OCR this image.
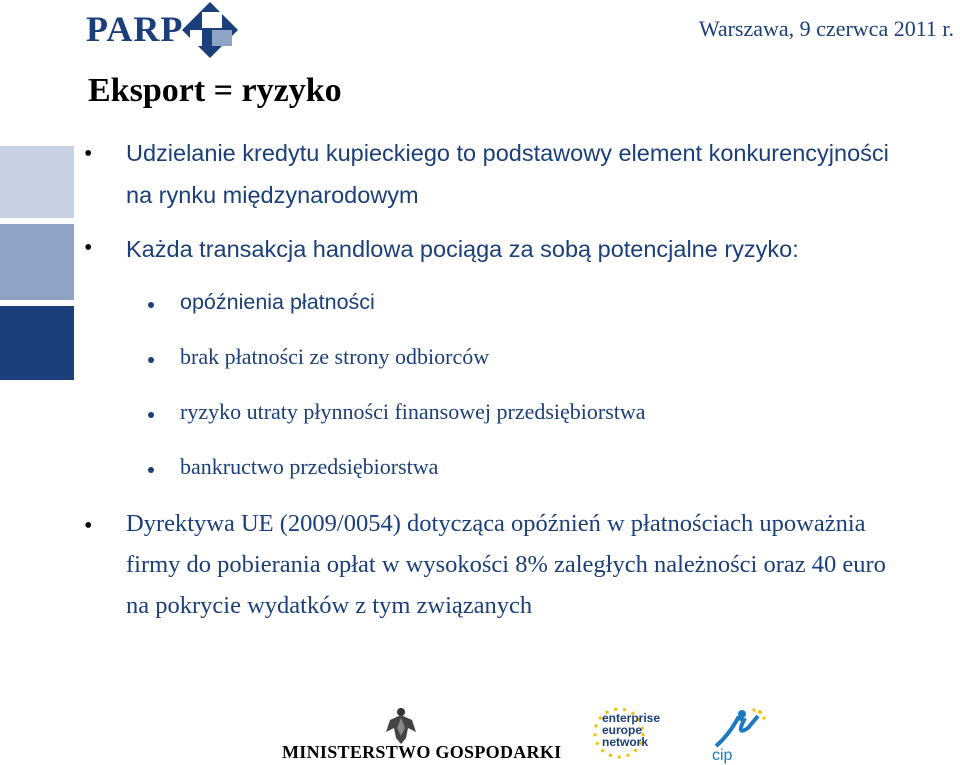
PARP	Warszawa, 9 czerwca 2011 r.
Eksport = ryzyko
• Udzielanie kredytu kupieckiego to podstawowy element konkurencyjności
na rynku międzynarodowym
• Każda transakcja handlowa pociąga za sobą potencjalne ryzyko:
opóźnienia płatności
brak płatności ze strony odbiorców
ryzyko utraty płynności finansowej przedsiębiorstwa
bankructwo przedsiębiorstwa
• Dyrektywa UE (2009/0054) dotycząca opóźnień w płatnościach upoważnia
firmy do pobierania opłat w wysokości 8% zaległych należności oraz 40 euro
na pokrycie wydatków z tym związanych
MINISTERSTWO GOSPODARKI
enterprise
europe
network
cip
